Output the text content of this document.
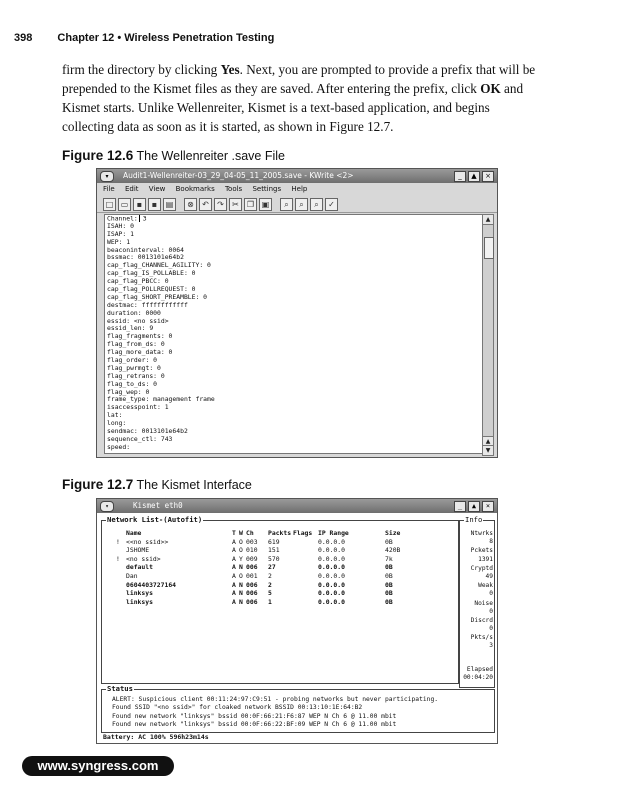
398 Chapter 12 • Wireless Penetration Testing
firm the directory by clicking Yes. Next, you are prompted to provide a prefix that will be prepended to the Kismet files as they are saved. After entering the prefix, click OK and Kismet starts. Unlike Wellenreiter, Kismet is a text-based application, and begins collecting data as soon as it is started, as shown in Figure 12.7.
Figure 12.6 The Wellenreiter .save File
▾	Audit1-Wellenreiter-03_29_04-05_11_2005.save - KWrite <2>	_ ▲ ×
File Edit View Bookmarks Tools Settings Help
□ ▭ ▪ ▪ ▤ ⊗ ↶ ↷ ✂ ❐ ▣ ⌕ ⌕ ⌕ ✓
Channel: 3
ISAH: 0
ISAP: 1
WEP: 1
beaconinterval: 0064
bssmac: 0013101e64b2
cap_flag_CHANNEL_AGILITY: 0
cap_flag_IS_POLLABLE: 0
cap_flag_PBCC: 0
cap_flag_POLLREQUEST: 0
cap_flag_SHORT_PREAMBLE: 0
destmac: ffffffffffff
duration: 0000
essid: <no ssid>
essid_len: 9
flag_fragments: 0
flag_from_ds: 0
flag_more_data: 0
flag_order: 0
flag_pwrmgt: 0
flag_retrans: 0
flag_to_ds: 0
flag_wep: 0
frame_type: management frame
isaccesspoint: 1
lat:
long:
sendmac: 0013101e64b2
sequence_ctl: 743
speed:
▲
▲
▼
Figure 12.7 The Kismet Interface
▾	Kismet eth0	_ ▲ ×
Network List-(Autofit)
Name	T W Ch Packts Flags IP Range	Size
! <<no ssid>>	A O 003 619	0.0.0.0	0B
JSHOME	A O 010 151	0.0.0.0	420B
! <no ssid>	A Y 009 570	0.0.0.0	7k
default	A N 006 27	0.0.0.0	0B
Dan	A O 001 2	0.0.0.0	0B
0604403727164	A N 006 2	0.0.0.0	0B
linksys	A N 006 5	0.0.0.0	0B
linksys	A N 006 1	0.0.0.0	0B
Info
Ntwrks
8
Pckets
1391
Cryptd
49
Weak
0
Noise
0
Discrd
0
Pkts/s
3
Elapsed
00:04:20
Status
ALERT: Suspicious client 00:11:24:97:C9:51 - probing networks but never participating.
Found SSID "<no ssid>" for cloaked network BSSID 00:13:10:1E:64:B2
Found new network "linksys" bssid 00:0F:66:21:F6:87 WEP N Ch 6 @ 11.00 mbit
Found new network "linksys" bssid 00:0F:66:22:BF:09 WEP N Ch 6 @ 11.00 mbit
Battery: AC 100% 596h23m14s
www.syngress.com
